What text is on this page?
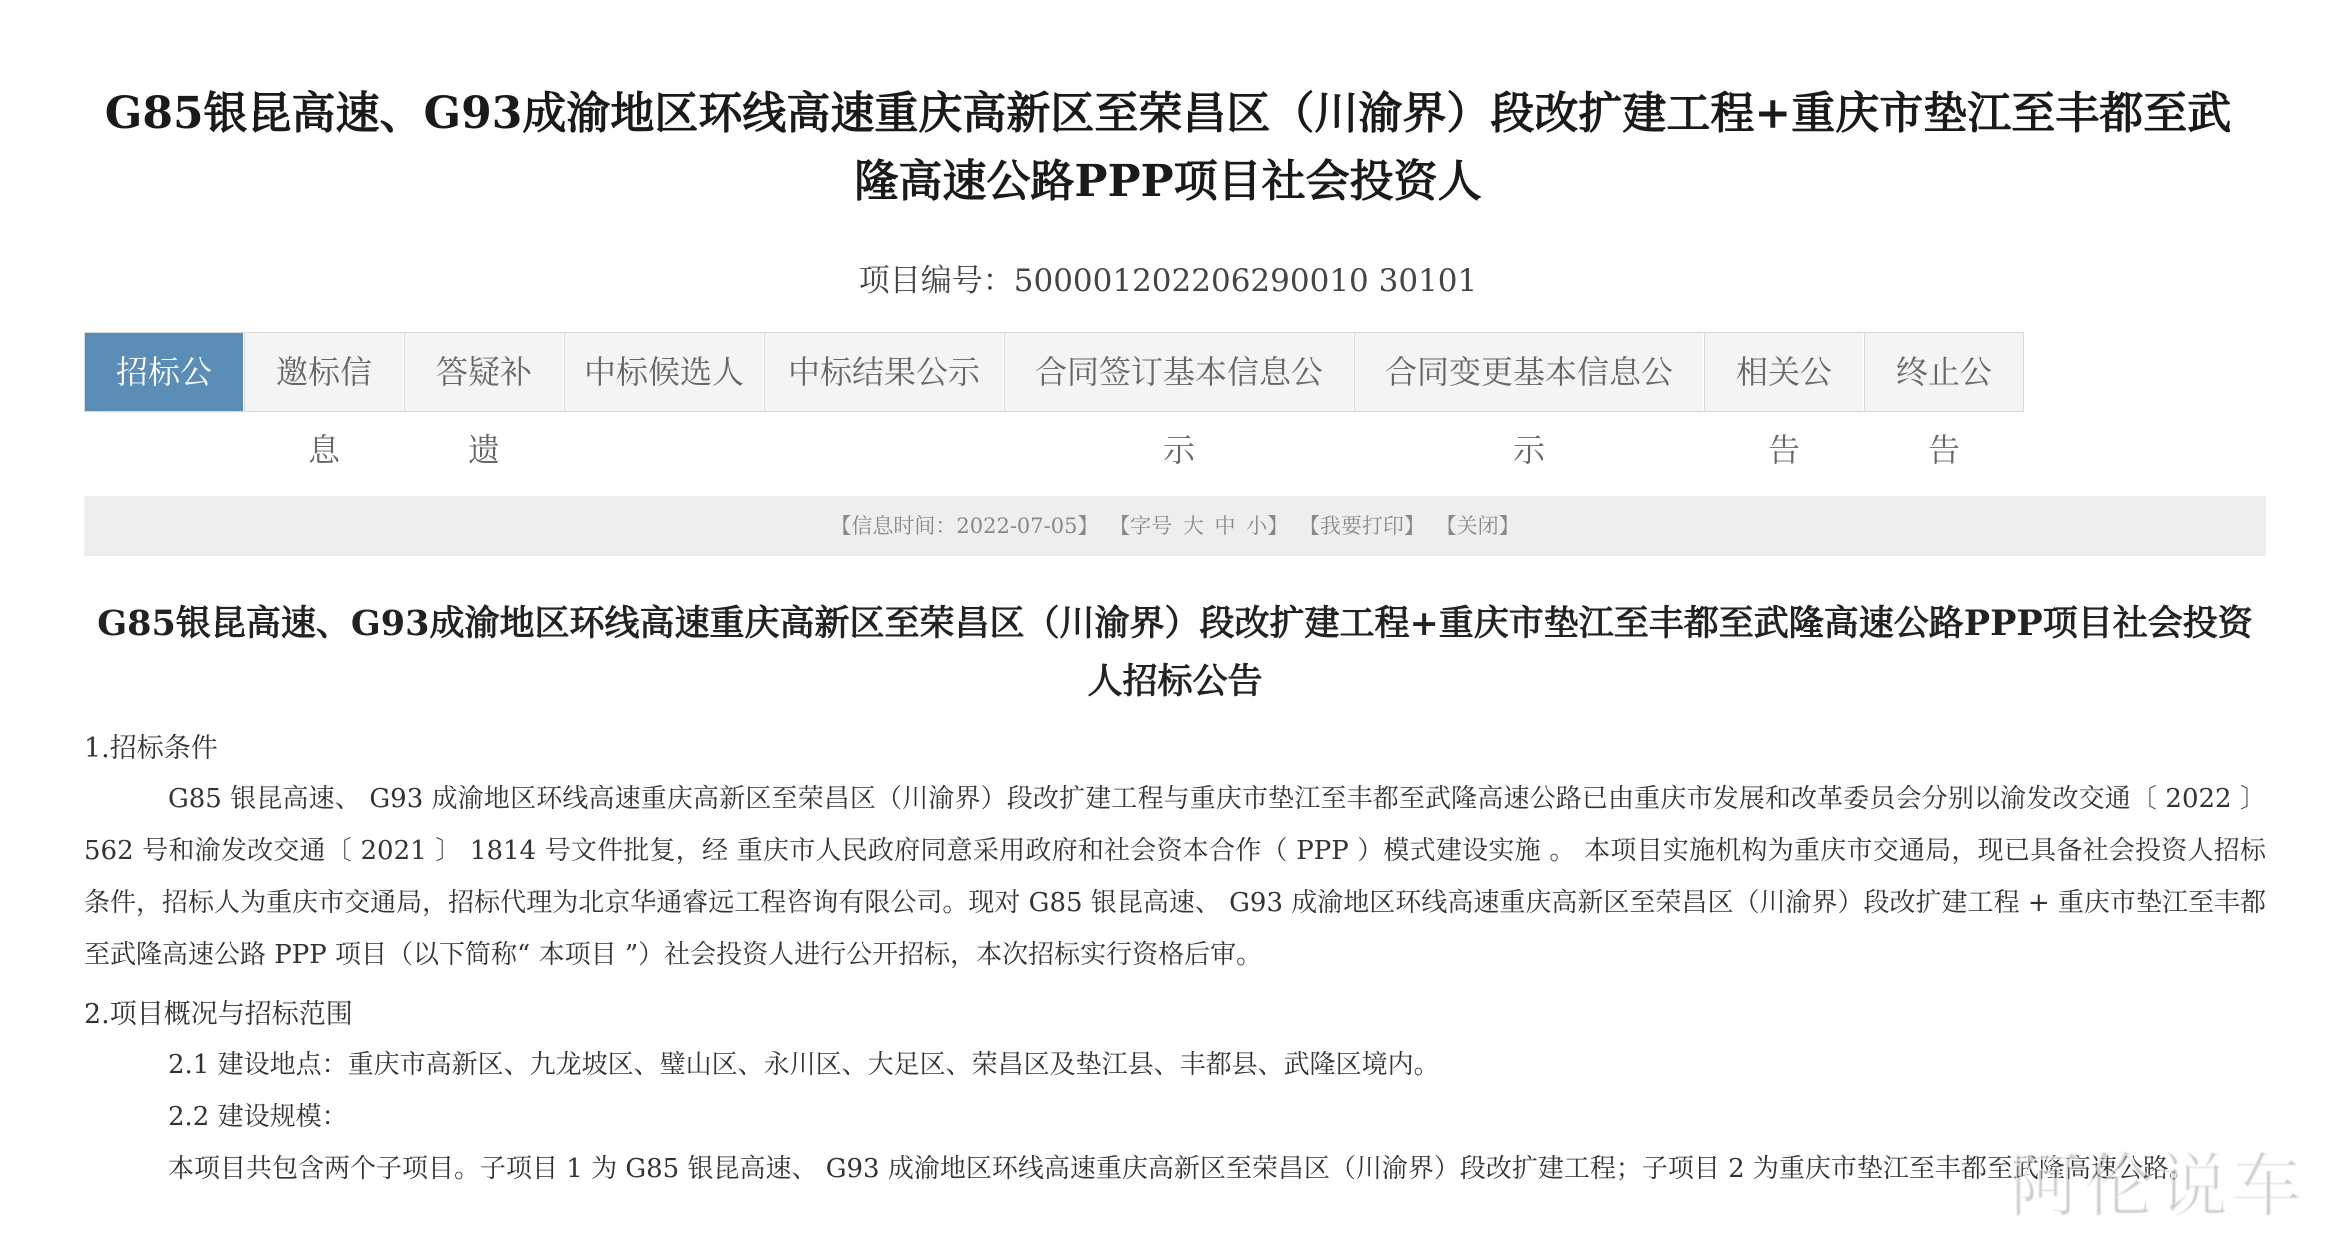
G85银昆高速、G93成渝地区环线高速重庆高新区至荣昌区（川渝界）段改扩建工程+重庆市垫江至丰都至武隆高速公路PPP项目社会投资人
项目编号：500001202206290010 30101
招标公告
邀标信息
答疑补遗
中标候选人	中标结果公示	合同签订基本信息公示
合同变更基本信息公示
相关公告
终止公告
【信息时间：2022-07-05】 【字号 大 中 小】 【我要打印】 【关闭】
G85银昆高速、G93成渝地区环线高速重庆高新区至荣昌区（川渝界）段改扩建工程+重庆市垫江至丰都至武隆高速公路PPP项目社会投资人招标公告
1.招标条件

G85 银昆高速、 G93 成渝地区环线高速重庆高新区至荣昌区（川渝界）段改扩建工程与重庆市垫江至丰都至武隆高速公路已由重庆市发展和改革委员会分别以渝发改交通〔 2022 〕 562 号和渝发改交通〔 2021 〕 1814 号文件批复，经 重庆市人民政府同意采用政府和社会资本合作（ PPP ）模式建设实施 。 本项目实施机构为重庆市交通局，现已具备社会投资人招标条件，招标人为重庆市交通局，招标代理为北京华通睿远工程咨询有限公司。现对 G85 银昆高速、 G93 成渝地区环线高速重庆高新区至荣昌区（川渝界）段改扩建工程 + 重庆市垫江至丰都至武隆高速公路 PPP 项目（以下简称“ 本项目 ”）社会投资人进行公开招标，本次招标实行资格后审。

2.项目概况与招标范围

2.1 建设地点：重庆市高新区、九龙坡区、璧山区、永川区、大足区、荣昌区及垫江县、丰都县、武隆区境内。

2.2 建设规模：

本项目共包含两个子项目。子项目 1 为 G85 银昆高速、 G93 成渝地区环线高速重庆高新区至荣昌区（川渝界）段改扩建工程；子项目 2 为重庆市垫江至丰都至武隆高速公路。

阿伦说车
